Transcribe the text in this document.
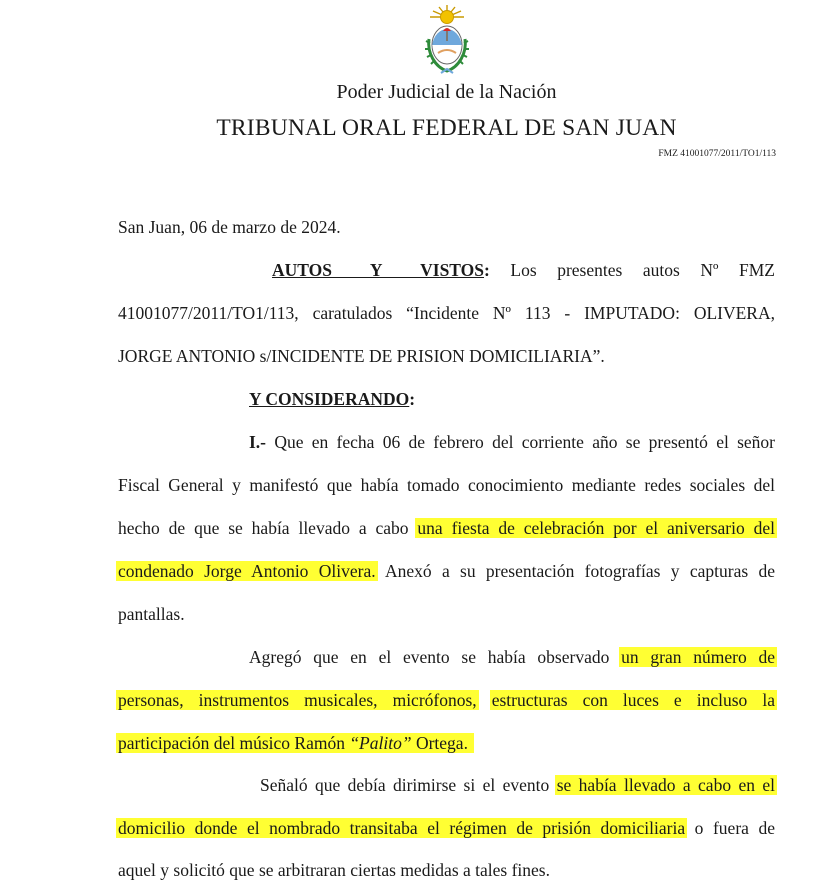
Poder Judicial de la Nación
TRIBUNAL ORAL FEDERAL DE SAN JUAN
FMZ 41001077/2011/TO1/113
San Juan, 06 de marzo de 2024.
AUTOS Y VISTOS: Los presentes autos Nº FMZ
41001077/2011/TO1/113, caratulados “Incidente Nº 113 - IMPUTADO: OLIVERA,
JORGE ANTONIO s/INCIDENTE DE PRISION DOMICILIARIA”.
Y CONSIDERANDO:
I.- Que en fecha 06 de febrero del corriente año se presentó el señor
Fiscal General y manifestó que había tomado conocimiento mediante redes sociales del
hecho de que se había llevado a cabo una fiesta de celebración por el aniversario del
condenado Jorge Antonio Olivera. Anexó a su presentación fotografías y capturas de
pantallas.
Agregó que en el evento se había observado un gran número de
personas, instrumentos musicales, micrófonos, estructuras con luces e incluso la
participación del músico Ramón “Palito” Ortega.
Señaló que debía dirimirse si el evento se había llevado a cabo en el
domicilio donde el nombrado transitaba el régimen de prisión domiciliaria o fuera de
aquel y solicitó que se arbitraran ciertas medidas a tales fines.
